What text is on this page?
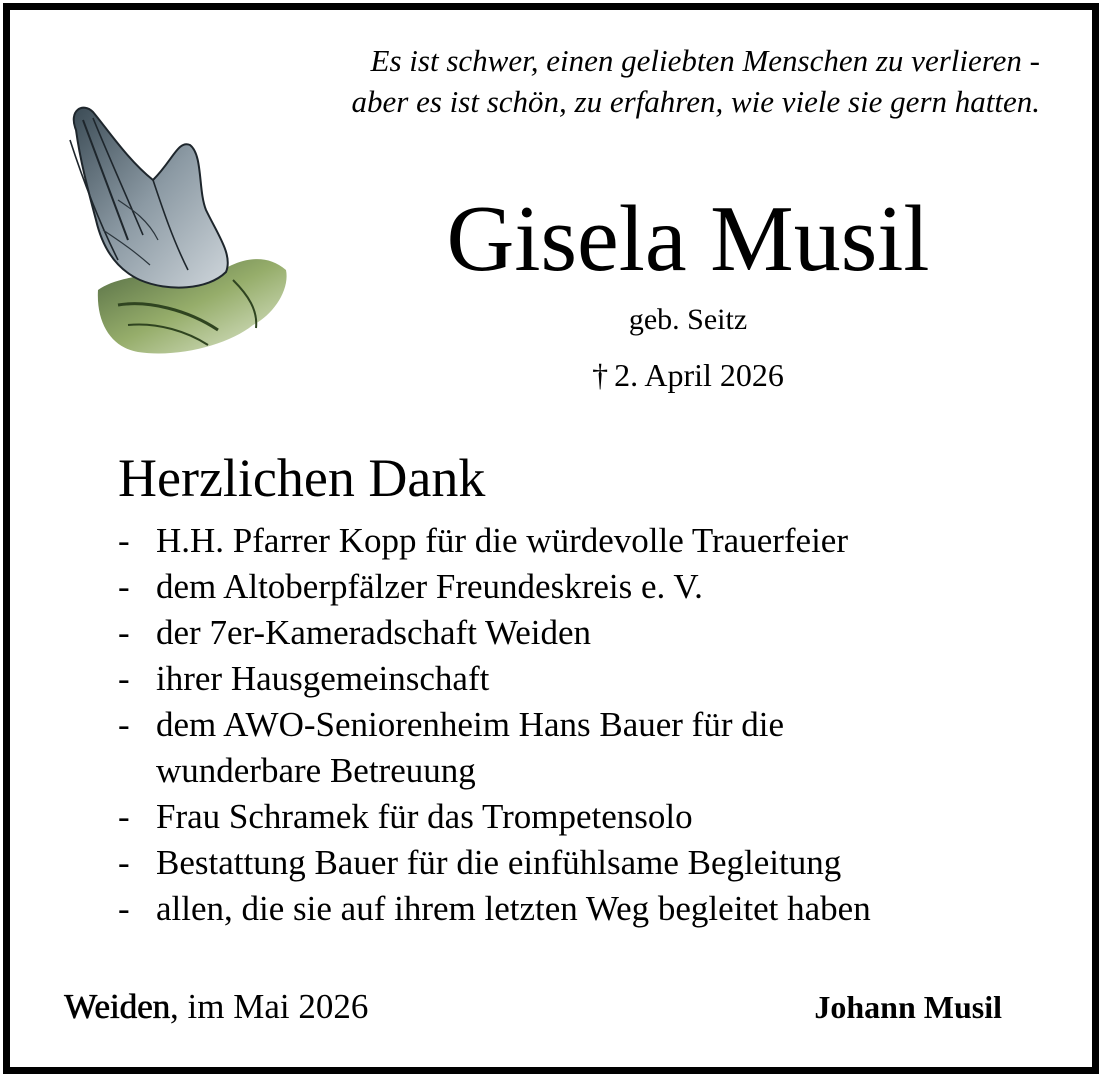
Es ist schwer, einen geliebten Menschen zu verlieren -
aber es ist schön, zu erfahren, wie viele sie gern hatten.
Gisela Musil
geb. Seitz
† 2. April 2026
Herzlichen Dank
- H.H. Pfarrer Kopp für die würdevolle Trauerfeier
- dem Altoberpfälzer Freundeskreis e. V.
- der 7er-Kameradschaft Weiden
- ihrer Hausgemeinschaft
- dem AWO-Seniorenheim Hans Bauer für die
wunderbare Betreuung
- Frau Schramek für das Trompetensolo
- Bestattung Bauer für die einfühlsame Begleitung
- allen, die sie auf ihrem letzten Weg begleitet haben
Weiden, im Mai 2026	Johann Musil
